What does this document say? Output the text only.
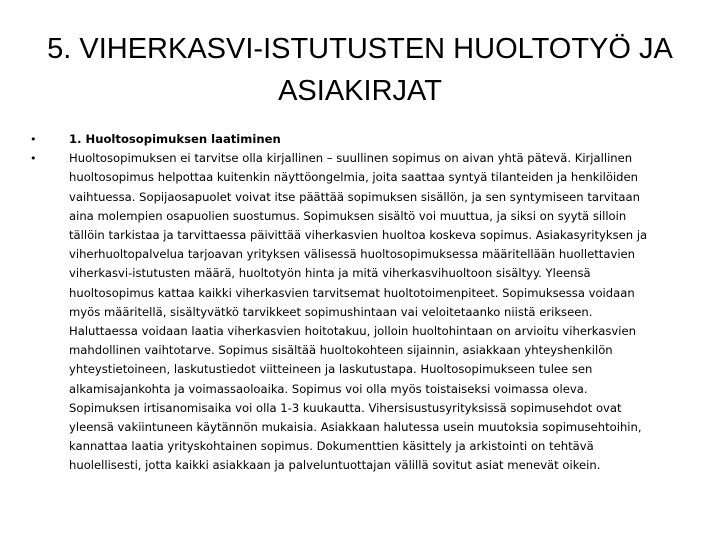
5. VIHERKASVI-ISTUTUSTEN HUOLTOTYÖ JA ASIAKIRJAT
•	1. Huoltosopimuksen laatiminen
•	Huoltosopimuksen ei tarvitse olla kirjallinen – suullinen sopimus on aivan yhtä pätevä. Kirjallinen huoltosopimus helpottaa kuitenkin näyttöongelmia, joita saattaa syntyä tilanteiden ja henkilöiden vaihtuessa. Sopijaosapuolet voivat itse päättää sopimuksen sisällön, ja sen syntymiseen tarvitaan aina molempien osapuolien suostumus. Sopimuksen sisältö voi muuttua, ja siksi on syytä silloin tällöin tarkistaa ja tarvittaessa päivittää viherkasvien huoltoa koskeva sopimus. Asiakasyrityksen ja viherhuoltopalvelua tarjoavan yrityksen välisessä huoltosopimuksessa määritellään huollettavien viherkasvi-istutusten määrä, huoltotyön hinta ja mitä viherkasvihuoltoon sisältyy. Yleensä huoltosopimus kattaa kaikki viherkasvien tarvitsemat huoltotoimenpiteet. Sopimuksessa voidaan myös määritellä, sisältyvätkö tarvikkeet sopimushintaan vai veloitetaanko niistä erikseen. Haluttaessa voidaan laatia viherkasvien hoitotakuu, jolloin huoltohintaan on arvioitu viherkasvien mahdollinen vaihtotarve. Sopimus sisältää huoltokohteen sijainnin, asiakkaan yhteyshenkilön yhteystietoineen, laskutustiedot viitteineen ja laskutustapa. Huoltosopimukseen tulee sen alkamisajankohta ja voimassaoloaika. Sopimus voi olla myös toistaiseksi voimassa oleva. Sopimuksen irtisanomisaika voi olla 1-3 kuukautta. Vihersisustusyrityksissä sopimusehdot ovat yleensä vakiintuneen käytännön mukaisia. Asiakkaan halutessa usein muutoksia sopimusehtoihin, kannattaa laatia yrityskohtainen sopimus. Dokumenttien käsittely ja arkistointi on tehtävä huolellisesti, jotta kaikki asiakkaan ja palveluntuottajan välillä sovitut asiat menevät oikein.
